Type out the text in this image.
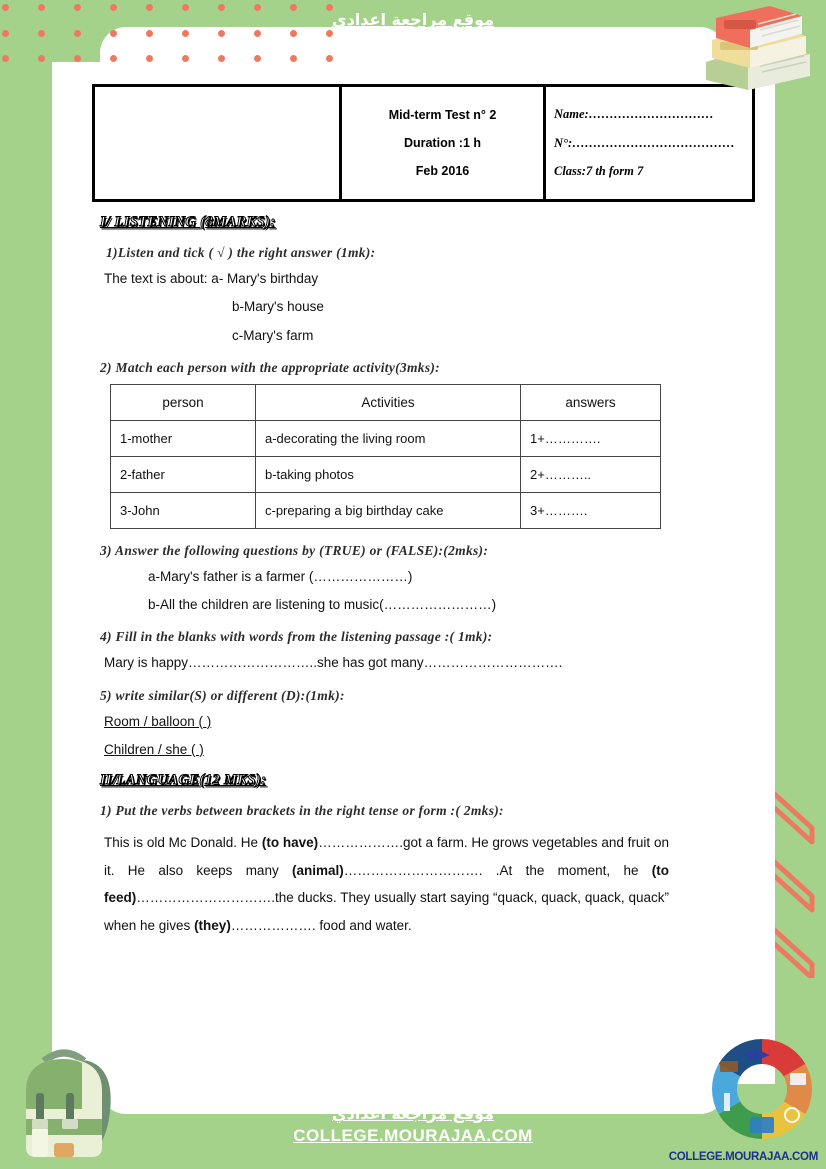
موقع مراجعة اعدادي
COLLEGE.MOURAJAA.COM
موقع مراجعة اعدادي
COLLEGE.MOURAJAA.COM
COLLEGE.MOURAJAA.COM

Mid-term Test n° 2
Duration :1 h
Feb 2016

Name:…………………………
N°:…………………………………
Class:7 th form 7
I/ LISTENING (8MARKS):
1)Listen and tick ( √ ) the right answer (1mk):
The text is about: a- Mary's birthday
b-Mary's house
c-Mary's farm
2) Match each person with the appropriate activity(3mks):
person	Activities	answers
1-mother	a-decorating the living room	1+………….
2-father	b-taking photos	2+………..
3-John	c-preparing a big birthday cake	3+……….
3) Answer the following questions by (TRUE) or (FALSE):(2mks):
a-Mary's father is a farmer (…………………)
b-All the children are listening to music(……………………)
4) Fill in the blanks with words from the listening passage :( 1mk):
Mary is happy………………………..she has got many………………………….
5) write similar(S) or different (D):(1mk):
Room / balloon ( )
Children / she ( )
II/LANGUAGE(12 MKS):
1) Put the verbs between brackets in the right tense or form :( 2mks):
This is old Mc Donald. He (to have)……………….got a farm. He grows vegetables and fruit on it. He also keeps many (animal)…………………………. .At the moment, he (to feed)………………………….the ducks. They usually start saying “quack, quack, quack, quack” when he gives (they)………………. food and water.
